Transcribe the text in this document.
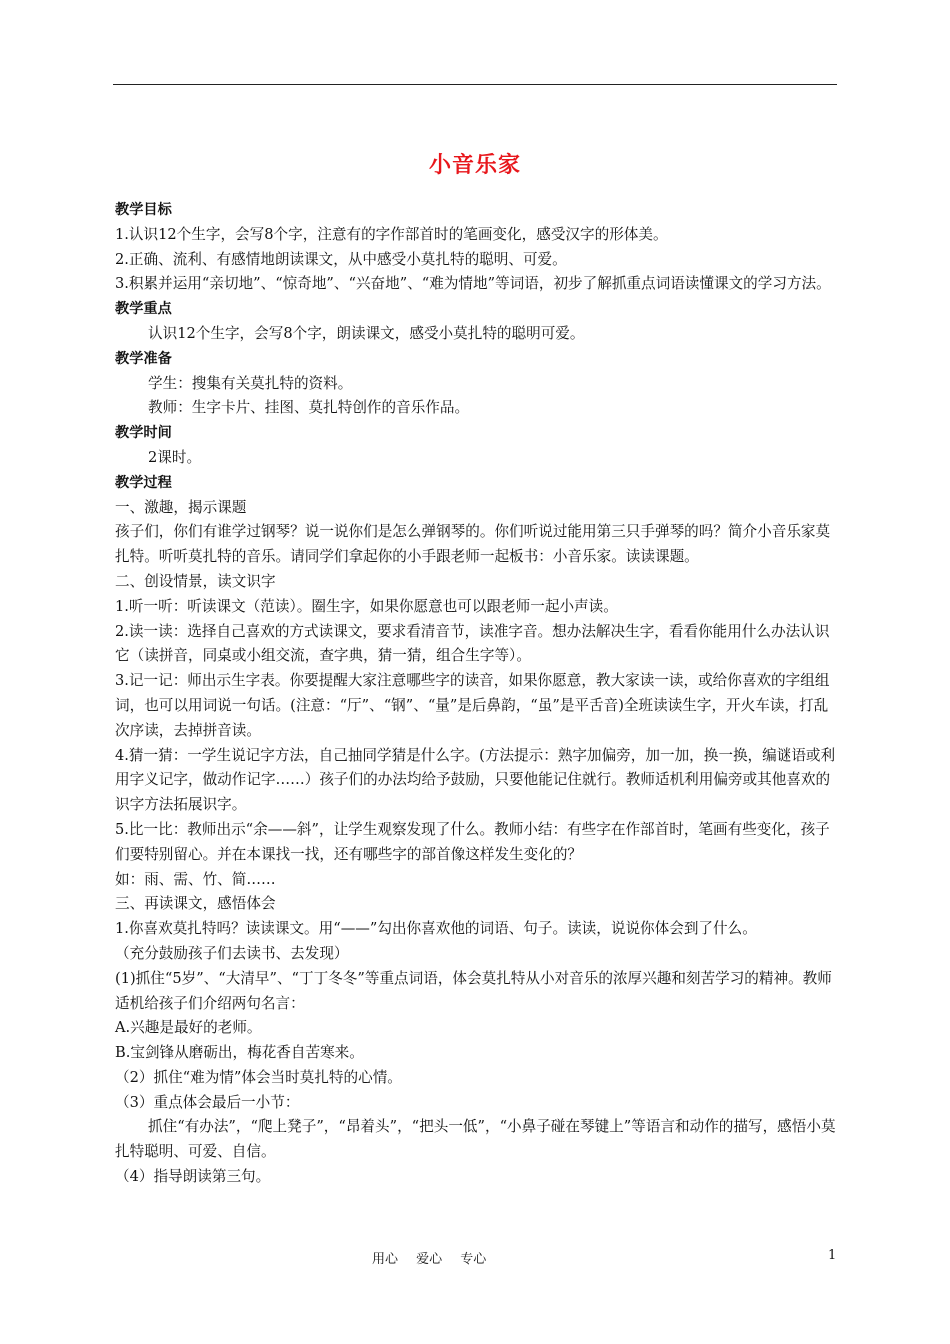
小音乐家

教学目标

1.认识12个生字，会写8个字，注意有的字作部首时的笔画变化，感受汉字的形体美。

2.正确、流利、有感情地朗读课文，从中感受小莫扎特的聪明、可爱。

3.积累并运用“亲切地”、“惊奇地”、“兴奋地”、“难为情地”等词语，初步了解抓重点词语读懂课文的学习方法。

教学重点

认识12个生字，会写8个字，朗读课文，感受小莫扎特的聪明可爱。

教学准备

学生：搜集有关莫扎特的资料。

教师：生字卡片、挂图、莫扎特创作的音乐作品。

教学时间

2课时。

教学过程

一、激趣，揭示课题

孩子们，你们有谁学过钢琴？说一说你们是怎么弹钢琴的。你们听说过能用第三只手弹琴的吗？简介小音乐家莫扎特。听听莫扎特的音乐。请同学们拿起你的小手跟老师一起板书：小音乐家。读读课题。

二、创设情景，读文识字

1.听一听：听读课文（范读）。圈生字，如果你愿意也可以跟老师一起小声读。

2.读一读：选择自己喜欢的方式读课文，要求看清音节，读准字音。想办法解决生字，看看你能用什么办法认识它（读拼音，同桌或小组交流，查字典，猜一猜，组合生字等）。

3.记一记：师出示生字表。你要提醒大家注意哪些字的读音，如果你愿意，教大家读一读，或给你喜欢的字组组词，也可以用词说一句话。(注意：“厅”、“钢”、“量”是后鼻韵，“虽”是平舌音)全班读读生字，开火车读，打乱次序读，去掉拼音读。

4.猜一猜：一学生说记字方法，自己抽同学猜是什么字。(方法提示：熟字加偏旁，加一加，换一换，编谜语或利用字义记字，做动作记字……）孩子们的办法均给予鼓励，只要他能记住就行。教师适机利用偏旁或其他喜欢的识字方法拓展识字。

5.比一比：教师出示“余——斜”，让学生观察发现了什么。教师小结：有些字在作部首时，笔画有些变化，孩子们要特别留心。并在本课找一找，还有哪些字的部首像这样发生变化的？

如：雨、需、竹、简……

三、再读课文，感悟体会

1.你喜欢莫扎特吗？读读课文。用“——”勾出你喜欢他的词语、句子。读读，说说你体会到了什么。

（充分鼓励孩子们去读书、去发现）

(1)抓住“5岁”、“大清早”、“丁丁冬冬”等重点词语，体会莫扎特从小对音乐的浓厚兴趣和刻苦学习的精神。教师适机给孩子们介绍两句名言：

A.兴趣是最好的老师。

B.宝剑锋从磨砺出，梅花香自苦寒来。

（2）抓住“难为情”体会当时莫扎特的心情。

（3）重点体会最后一小节：

抓住“有办法”，“爬上凳子”，“昂着头”，“把头一低”，“小鼻子碰在琴键上”等语言和动作的描写，感悟小莫扎特聪明、可爱、自信。

（4）指导朗读第三句。

用心 爱心 专心	1
